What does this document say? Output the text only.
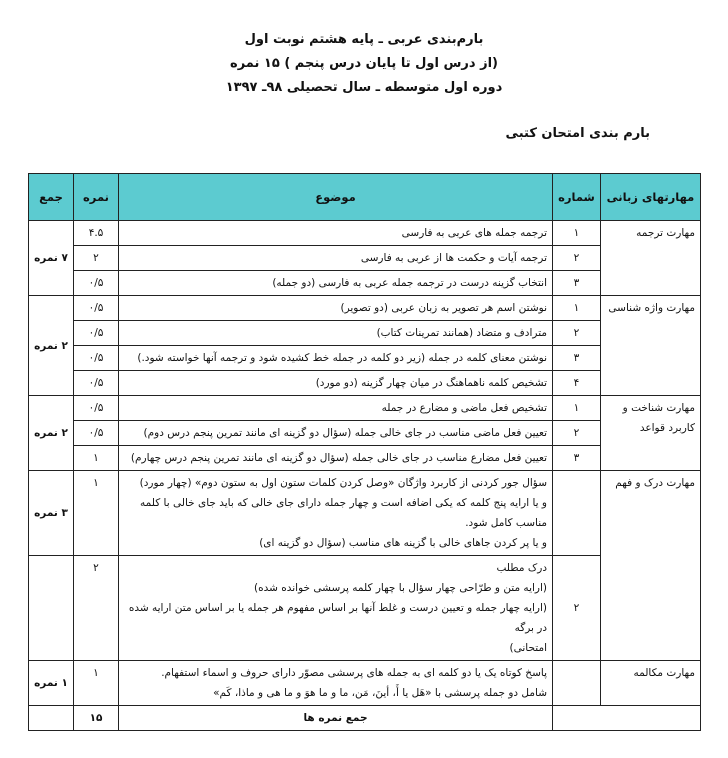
بارم‌بندی عربی ـ پایه هشتم نوبت اول
(از درس اول تا پایان درس پنجم ) ۱۵ نمره
دوره اول متوسطه ـ سال تحصیلی ۹۸ـ ۱۳۹۷
بارم بندی امتحان کتبی
مهارتهای زبانی	شماره	موضوع	نمره	جمع
مهارت ترجمه	۱	ترجمه جمله های عربی به فارسی	۴.۵	۷ نمره
	۲	ترجمه آیات و حکمت ها از عربی به فارسی	۲	
	۳	انتخاب گزینه درست در ترجمه جمله عربی به فارسی (دو جمله)	۰/۵	
مهارت واژه شناسی	۱	نوشتن اسم هر تصویر به زبان عربی (دو تصویر)	۰/۵	۲ نمره
	۲	مترادف و متضاد (همانند تمرینات کتاب)	۰/۵	
	۳	نوشتن معنای کلمه در جمله (زیر دو کلمه در جمله خط کشیده شود و ترجمه آنها خواسته شود.)	۰/۵	
	۴	تشخیص کلمه ناهماهنگ در میان چهار گزینه (دو مورد)	۰/۵	
مهارت شناخت و کاربرد قواعد	۱	تشخیص فعل ماضی و مضارع در جمله	۰/۵	۲ نمره
	۲	تعیین فعل ماضی مناسب در جای خالی جمله (سؤال دو گزینه ای مانند تمرین پنجم درس دوم)	۰/۵	
	۳	تعیین فعل مضارع مناسب در جای خالی جمله (سؤال دو گزینه ای مانند تمرین پنجم درس چهارم)	۱	
مهارت درک و فهم		سؤال جور کردنی از کاربرد واژگان «وصل کردن کلمات ستون اول به ستون دوم» (چهار مورد)
و یا ارایه پنج کلمه که یکی اضافه است و چهار جمله دارای جای خالی که باید جای خالی با کلمه
مناسب کامل شود.
و یا پر کردن جاهای خالی با گزینه های مناسب (سؤال دو گزینه ای)	۱	۳ نمره
	۲	درک مطلب
(ارایه متن و طرّاحی چهار سؤال با چهار کلمه پرسشی خوانده شده)
(ارایه چهار جمله و تعیین درست و غلط آنها بر اساس مفهوم هر جمله یا بر اساس متن ارایه شده در برگه
امتحانی)	۲	
مهارت مکالمه		پاسخ کوتاه یک یا دو کلمه ای به جمله های پرسشی مصوّر دارای حروف و اسماء استفهام.
شامل دو جمله پرسشی با «هَل یا أَ، أینَ، مَن، ما و ما هوَ و ما هی و ماذا، کَم»	۱	۱ نمره
		جمع نمره ها	۱۵	
